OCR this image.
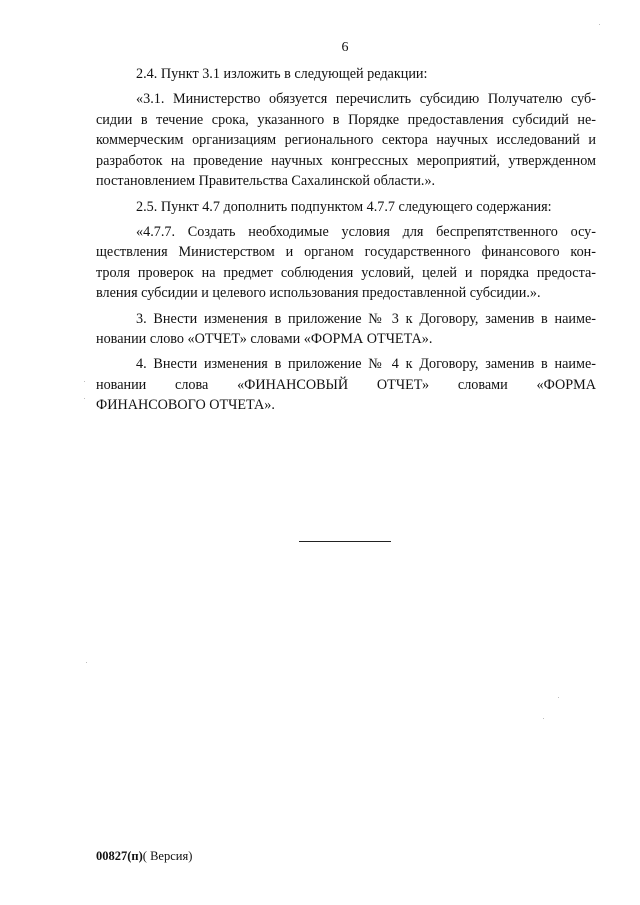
6
2.4. Пункт 3.1 изложить в следующей редакции:
«3.1. Министерство обязуется перечислить субсидию Получателю суб-
сидии в течение срока, указанного в Порядке предоставления субсидий не-
коммерческим организациям регионального сектора научных исследований и
разработок на проведение научных конгрессных мероприятий, утвержденном
постановлением Правительства Сахалинской области.».
2.5. Пункт 4.7 дополнить подпунктом 4.7.7 следующего содержания:
«4.7.7. Создать необходимые условия для беспрепятственного осу-
ществления Министерством и органом государственного финансового кон-
троля проверок на предмет соблюдения условий, целей и порядка предоста-
вления субсидии и целевого использования предоставленной субсидии.».
3. Внести изменения в приложение № 3 к Договору, заменив в наиме-
новании слово «ОТЧЕТ» словами «ФОРМА ОТЧЕТА».
4. Внести изменения в приложение № 4 к Договору, заменив в наиме-
новании слова «ФИНАНСОВЫЙ ОТЧЕТ» словами «ФОРМА
ФИНАНСОВОГО ОТЧЕТА».
00827(п)( Версия)
